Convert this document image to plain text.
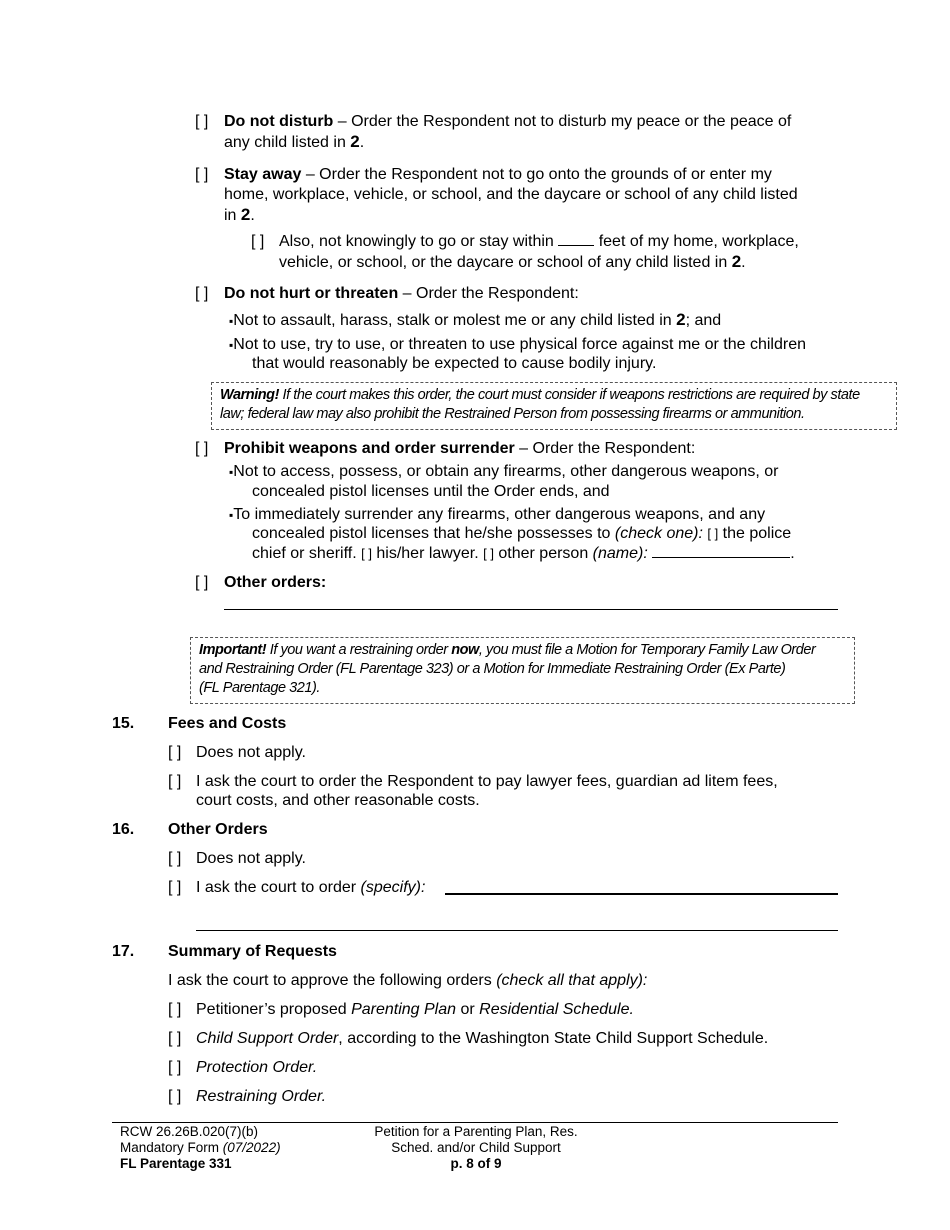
[ ] Do not disturb – Order the Respondent not to disturb my peace or the peace of
any child listed in 2.
[ ] Stay away – Order the Respondent not to go onto the grounds of or enter my
home, workplace, vehicle, or school, and the daycare or school of any child listed
in 2.
[ ] Also, not knowingly to go or stay within  feet of my home, workplace,
vehicle, or school, or the daycare or school of any child listed in 2.
[ ] Do not hurt or threaten – Order the Respondent:
▪Not to assault, harass, stalk or molest me or any child listed in 2; and
▪Not to use, try to use, or threaten to use physical force against me or the children
that would reasonably be expected to cause bodily injury.
Warning! If the court makes this order, the court must consider if weapons restrictions are required by state
law; federal law may also prohibit the Restrained Person from possessing firearms or ammunition.
[ ] Prohibit weapons and order surrender – Order the Respondent:
▪Not to access, possess, or obtain any firearms, other dangerous weapons, or
concealed pistol licenses until the Order ends, and
▪To immediately surrender any firearms, other dangerous weapons, and any
concealed pistol licenses that he/she possesses to (check one): [ ] the police
chief or sheriff. [ ] his/her lawyer. [ ] other person (name):	.
[ ] Other orders:
Important! If you want a restraining order now, you must file a Motion for Temporary Family Law Order
and Restraining Order (FL Parentage 323) or a Motion for Immediate Restraining Order (Ex Parte)
(FL Parentage 321).
15. Fees and Costs
[ ] Does not apply.
[ ] I ask the court to order the Respondent to pay lawyer fees, guardian ad litem fees,

court costs, and other reasonable costs.
16. Other Orders
[ ] Does not apply.
[ ] I ask the court to order (specify):
17. Summary of Requests
I ask the court to approve the following orders (check all that apply):
[ ] Petitioner’s proposed Parenting Plan or Residential Schedule.
[ ] Child Support Order, according to the Washington State Child Support Schedule.
[ ] Protection Order.
[ ] Restraining Order.
RCW 26.26B.020(7)(b)
Mandatory Form (07/2022)
FL Parentage 331
Petition for a Parenting Plan, Res.
Sched. and/or Child Support
p. 8 of 9
